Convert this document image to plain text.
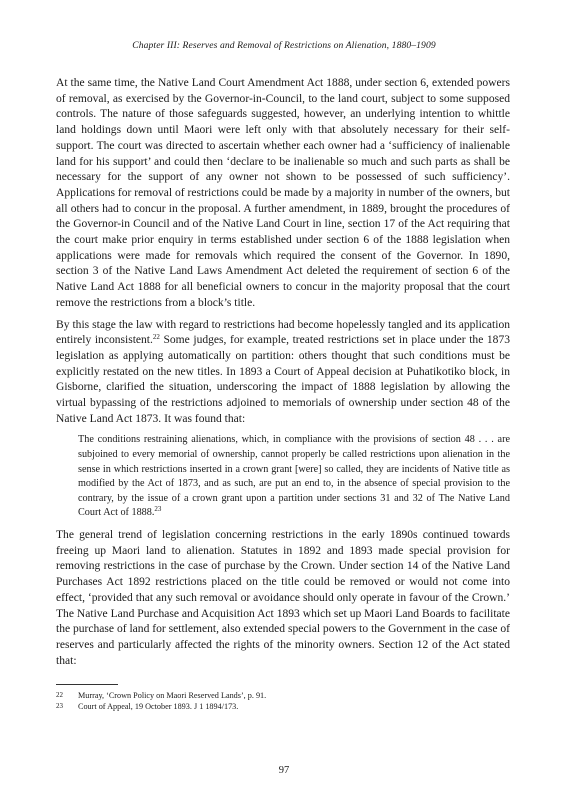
Chapter III: Reserves and Removal of Restrictions on Alienation, 1880–1909

At the same time, the Native Land Court Amendment Act 1888, under section 6, extended powers of removal, as exercised by the Governor-in-Council, to the land court, subject to some supposed controls. The nature of those safeguards suggested, however, an underlying intention to whittle land holdings down until Maori were left only with that absolutely necessary for their self-support. The court was directed to ascertain whether each owner had a ‘sufficiency of inalienable land for his support’ and could then ‘declare to be inalienable so much and such parts as shall be necessary for the support of any owner not shown to be possessed of such sufficiency’. Applications for removal of restrictions could be made by a majority in number of the owners, but all others had to concur in the proposal. A further amendment, in 1889, brought the procedures of the Governor-in Council and of the Native Land Court in line, section 17 of the Act requiring that the court make prior enquiry in terms established under section 6 of the 1888 legislation when applications were made for removals which required the consent of the Governor. In 1890, section 3 of the Native Land Laws Amendment Act deleted the requirement of section 6 of the Native Land Act 1888 for all beneficial owners to concur in the majority proposal that the court remove the restrictions from a block’s title.

By this stage the law with regard to restrictions had become hopelessly tangled and its application entirely inconsistent.$^{22}$ Some judges, for example, treated restrictions set in place under the 1873 legislation as applying automatically on partition: others thought that such conditions must be explicitly restated on the new titles. In 1893 a Court of Appeal decision at Puhatikotiko block, in Gisborne, clarified the situation, underscoring the impact of 1888 legislation by allowing the virtual bypassing of the restrictions adjoined to memorials of ownership under section 48 of the Native Land Act 1873. It was found that:

The conditions restraining alienations, which, in compliance with the provisions of section 48 . . . are subjoined to every memorial of ownership, cannot properly be called restrictions upon alienation in the sense in which restrictions inserted in a crown grant [were] so called, they are incidents of Native title as modified by the Act of 1873, and as such, are put an end to, in the absence of special provision to the contrary, by the issue of a crown grant upon a partition under sections 31 and 32 of The Native Land Court Act of 1888.23

The general trend of legislation concerning restrictions in the early 1890s continued towards freeing up Maori land to alienation. Statutes in 1892 and 1893 made special provision for removing restrictions in the case of purchase by the Crown. Under section 14 of the Native Land Purchases Act 1892 restrictions placed on the title could be removed or would not come into effect, ‘provided that any such removal or avoidance should only operate in favour of the Crown.’ The Native Land Purchase and Acquisition Act 1893 which set up Maori Land Boards to facilitate the purchase of land for settlement, also extended special powers to the Government in the case of reserves and particularly affected the rights of the minority owners. Section 12 of the Act stated that:

22	Murray, ‘Crown Policy on Maori Reserved Lands’, p. 91.
23	Court of Appeal, 19 October 1893. J 1 1894/173.
97
